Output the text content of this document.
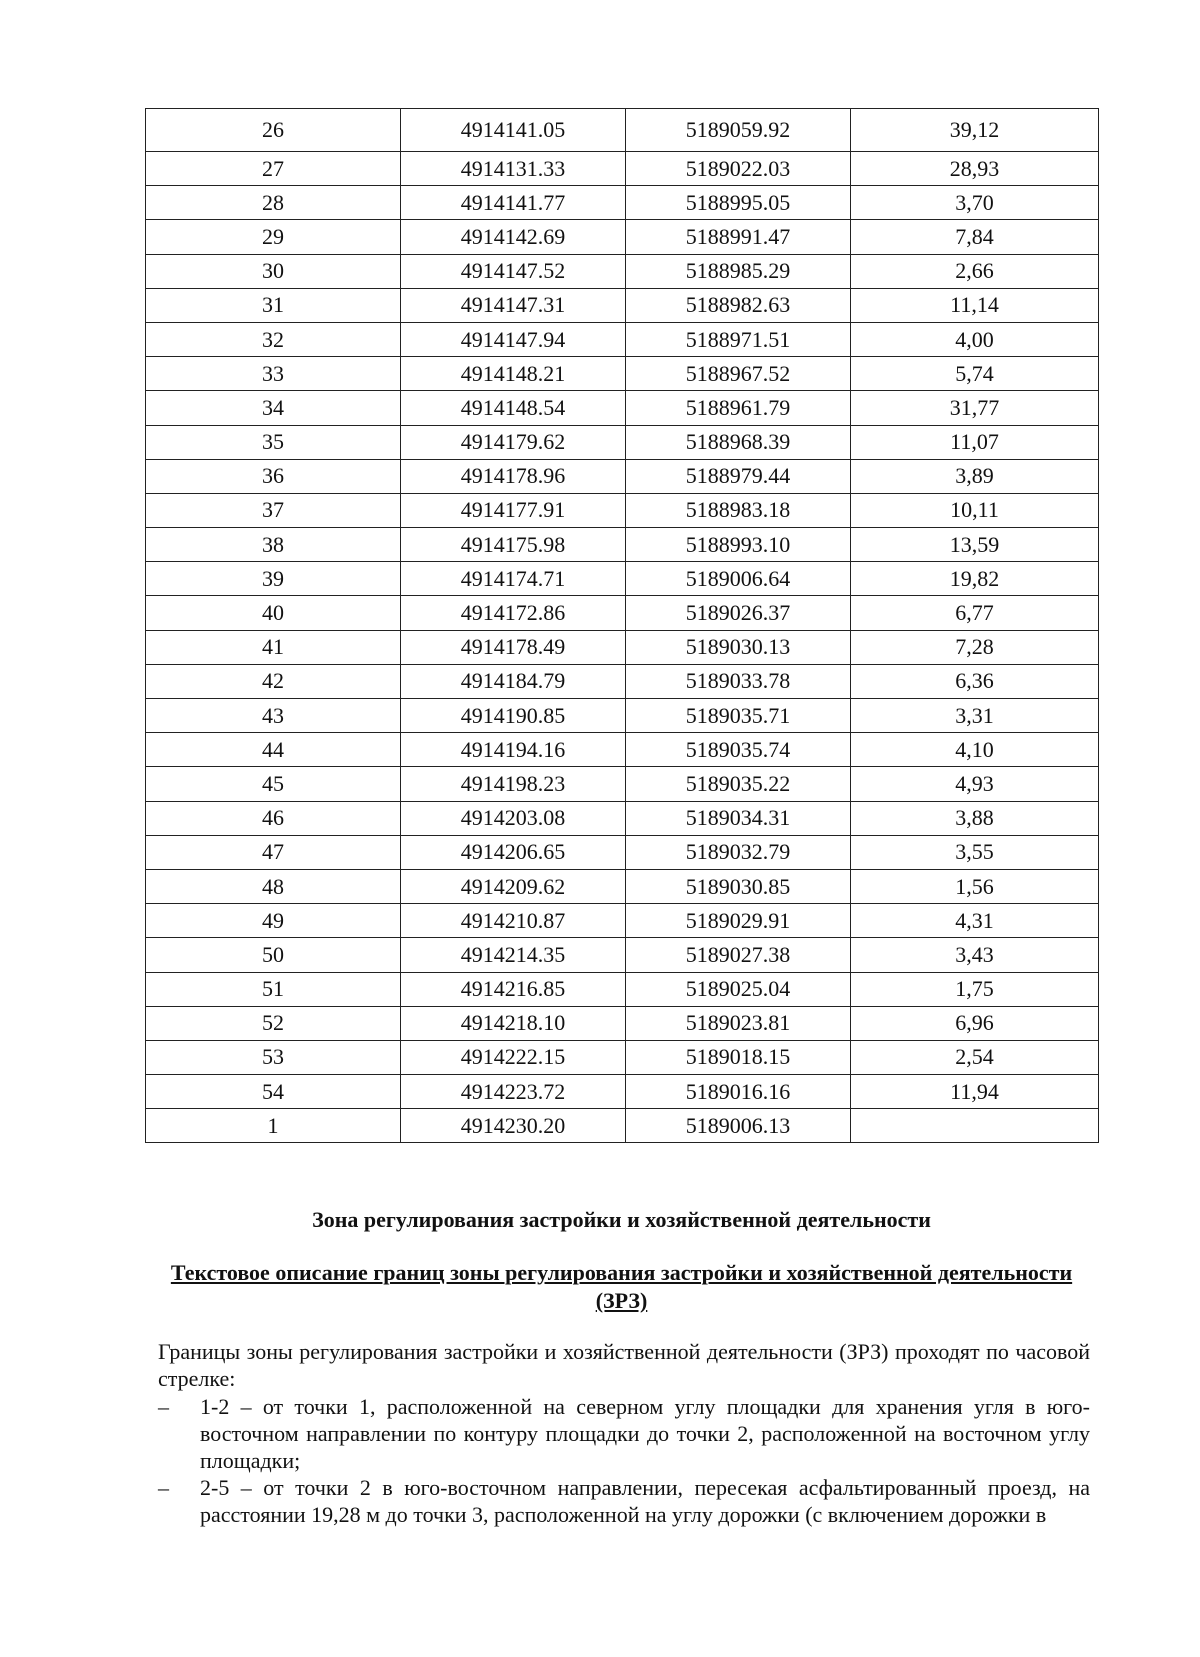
26	4914141.05	5189059.92	39,12
27	4914131.33	5189022.03	28,93
28	4914141.77	5188995.05	3,70
29	4914142.69	5188991.47	7,84
30	4914147.52	5188985.29	2,66
31	4914147.31	5188982.63	11,14
32	4914147.94	5188971.51	4,00
33	4914148.21	5188967.52	5,74
34	4914148.54	5188961.79	31,77
35	4914179.62	5188968.39	11,07
36	4914178.96	5188979.44	3,89
37	4914177.91	5188983.18	10,11
38	4914175.98	5188993.10	13,59
39	4914174.71	5189006.64	19,82
40	4914172.86	5189026.37	6,77
41	4914178.49	5189030.13	7,28
42	4914184.79	5189033.78	6,36
43	4914190.85	5189035.71	3,31
44	4914194.16	5189035.74	4,10
45	4914198.23	5189035.22	4,93
46	4914203.08	5189034.31	3,88
47	4914206.65	5189032.79	3,55
48	4914209.62	5189030.85	1,56
49	4914210.87	5189029.91	4,31
50	4914214.35	5189027.38	3,43
51	4914216.85	5189025.04	1,75
52	4914218.10	5189023.81	6,96
53	4914222.15	5189018.15	2,54
54	4914223.72	5189016.16	11,94
1	4914230.20	5189006.13	
Зона регулирования застройки и хозяйственной деятельности
Текстовое описание границ зоны регулирования застройки и хозяйственной деятельности (ЗРЗ)

Границы зоны регулирования застройки и хозяйственной деятельности (ЗРЗ) проходят по часовой стрелке:

– 1-2 – от точки 1, расположенной на северном углу площадки для хранения угля в юго-восточном направлении по контуру площадки до точки 2, расположенной на восточном углу площадки;
– 2-5 – от точки 2 в юго-восточном направлении, пересекая асфальтированный проезд, на расстоянии 19,28 м до точки 3, расположенной на углу дорожки (с включением дорожки в
